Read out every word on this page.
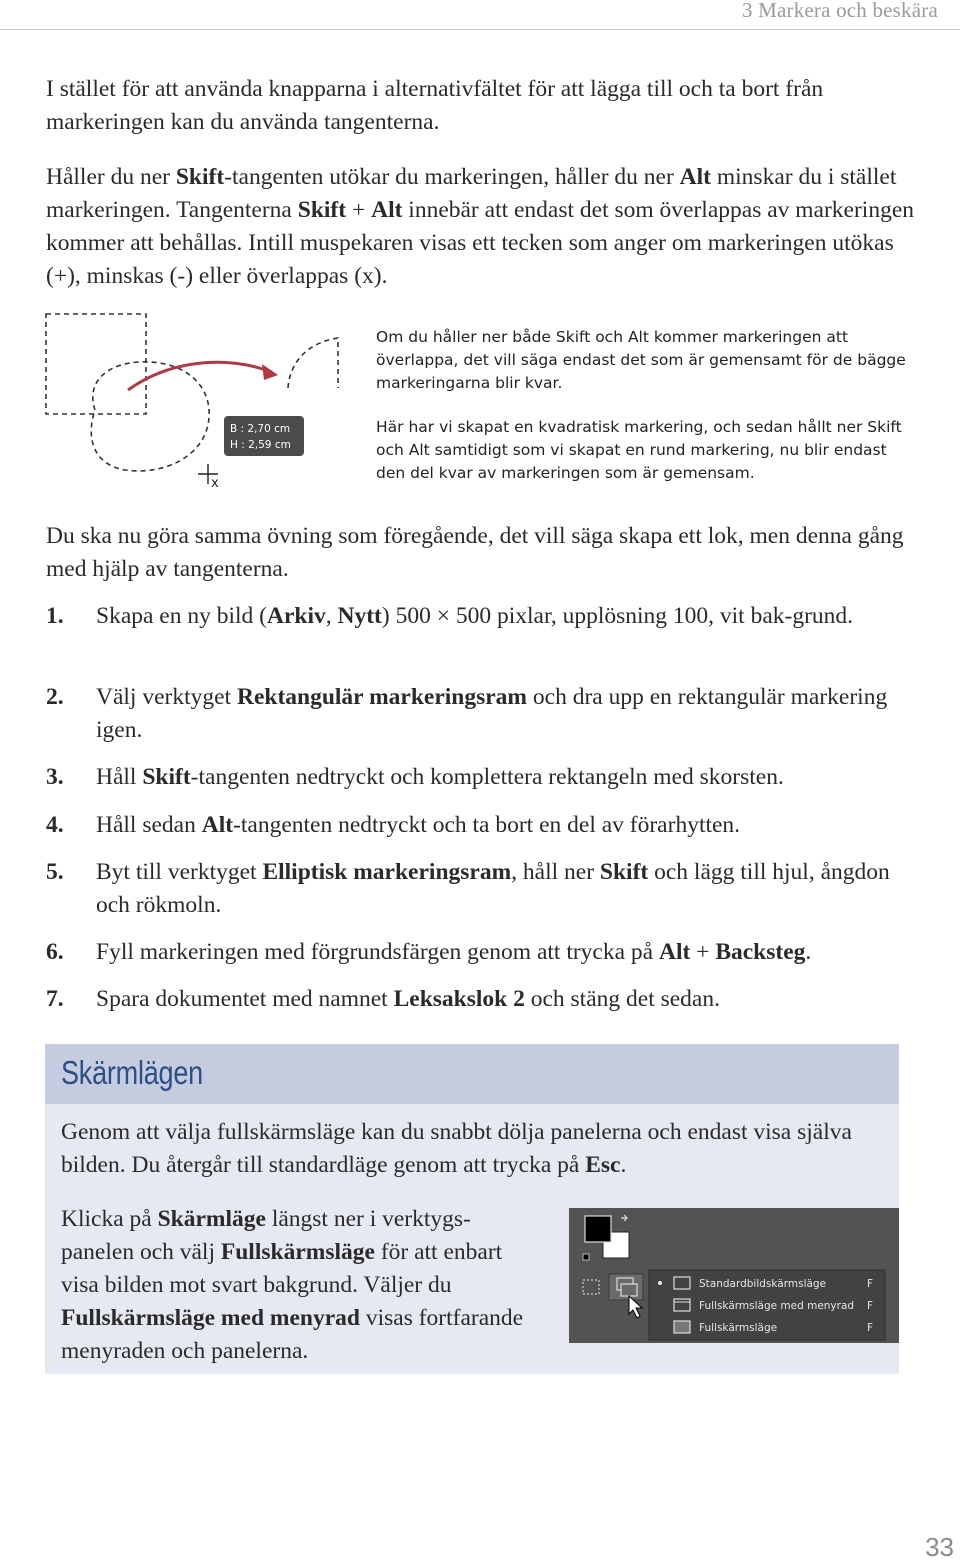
3 Markera och beskära

I stället för att använda knapparna i alternativfältet för att lägga till och ta bort från markeringen kan du använda tangenterna.

Håller du ner Skift-tangenten utökar du markeringen, håller du ner Alt minskar du i stället markeringen. Tangenterna Skift + Alt innebär att endast det som överlappas av markeringen kommer att behållas. Intill muspekaren visas ett tecken som anger om markeringen utökas (+), minskas (-) eller överlappas (x).

B : 2,70 cm
H : 2,59 cm
x

Om du håller ner både Skift och Alt kommer markeringen att överlappa, det vill säga endast det som är gemensamt för de bägge markeringarna blir kvar.

Här har vi skapat en kvadratisk markering, och sedan hållt ner Skift och Alt samtidigt som vi skapat en rund markering, nu blir endast den del kvar av markeringen som är gemensam.

Du ska nu göra samma övning som föregående, det vill säga skapa ett lok, men denna gång med hjälp av tangenterna.

1. Skapa en ny bild (Arkiv, Nytt) 500 × 500 pixlar, upplösning 100, vit bak-grund.
2. Välj verktyget Rektangulär markeringsram och dra upp en rektangulär markering igen.
3. Håll Skift-tangenten nedtryckt och komplettera rektangeln med skorsten.
4. Håll sedan Alt-tangenten nedtryckt och ta bort en del av förarhytten.
5. Byt till verktyget Elliptisk markeringsram, håll ner Skift och lägg till hjul, ångdon och rökmoln.
6. Fyll markeringen med förgrundsfärgen genom att trycka på Alt + Backsteg.
7. Spara dokumentet med namnet Leksakslok 2 och stäng det sedan.
Skärmlägen

Genom att välja fullskärmsläge kan du snabbt dölja panelerna och endast visa själva bilden. Du återgår till standardläge genom att trycka på Esc.

Klicka på Skärmläge längst ner i verktygs-panelen och välj Fullskärmsläge för att enbart visa bilden mot svart bakgrund. Väljer du Fullskärmsläge med menyrad visas fortfarande menyraden och panelerna.

Standardbildskärmsläge	F
Fullskärmsläge med menyrad F
Fullskärmsläge	F
33
